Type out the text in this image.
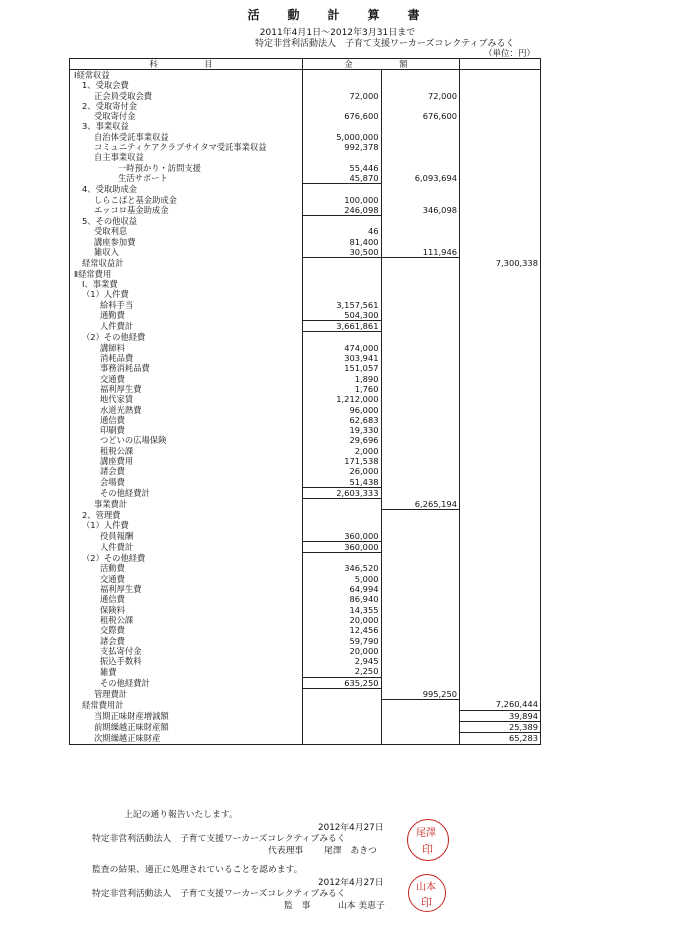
活　動　計　算　書
2011年4月1日～2012年3月31日まで
特定非営利活動法人　子育て支援ワーカーズコレクティブみるく
（単位：円）
科　　目	金　　額		
Ⅰ経常収益			
1、受取会費			
正会員受取会費	72,000	72,000	
2、受取寄付金			
受取寄付金	676,600	676,600	
3、事業収益			
自治体受託事業収益	5,000,000		
コミュニティケアクラブサイタマ受託事業収益	992,378		
自主事業収益			
一時預かり・訪問支援	55,446		
生活サポート	45,870	6,093,694	
4、受取助成金			
しらこばと基金助成金	100,000		
エッコロ基金助成金	246,098	346,098	
5、その他収益			
受取利息	46		
講座参加費	81,400		
雑収入	30,500	111,946	
経常収益計			7,300,338
Ⅱ経常費用			
Ⅰ、事業費			
（1）人件費			
給料手当	3,157,561		
通勤費	504,300		
人件費計	3,661,861		
（2）その他経費			
講師料	474,000		
消耗品費	303,941		
事務消耗品費	151,057		
交通費	1,890		
福利厚生費	1,760		
地代家賃	1,212,000		
水道光熱費	96,000		
通信費	62,683		
印刷費	19,330		
つどいの広場保険	29,696		
租税公課	2,000		
講座費用	171,538		
諸会費	26,000		
会場費	51,438		
その他経費計	2,603,333		
事業費計		6,265,194	
2、管理費			
（1）人件費			
役員報酬	360,000		
人件費計	360,000		
（2）その他経費			
活動費	346,520		
交通費	5,000		
福利厚生費	64,994		
通信費	86,940		
保険料	14,355		
租税公課	20,000		
交際費	12,456		
諸会費	59,790		
支払寄付金	20,000		
振込手数料	2,945		
雑費	2,250		
その他経費計	635,250		
管理費計		995,250	
経常費用計			7,260,444
当期正味財産増減額			39,894
前期繰越正味財産額			25,389
次期繰越正味財産			65,283
上記の通り報告いたします。
2012年4月27日
特定非営利活動法人　子育て支援ワーカーズコレクティブみるく
代表理事 尾澤　あきつ
尾澤
印
監査の結果、適正に処理されていることを認めます。
2012年4月27日
特定非営利活動法人　子育て支援ワーカーズコレクティブみるく
監　事	山本 美恵子
山本
印
